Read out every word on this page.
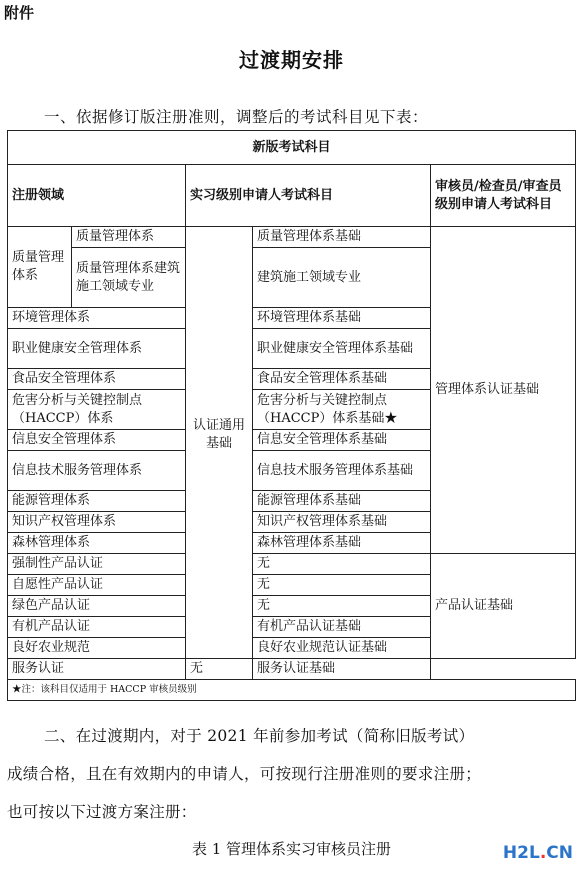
附件
过渡期安排
一、依据修订版注册准则，调整后的考试科目见下表：
新版考试科目				
注册领域		实习级别申请人考试科目		审核员/检查员/审查员级别申请人考试科目
质量管理体系	质量管理体系	认证通用基础	质量管理体系基础	管理体系认证基础
	质量管理体系建筑施工领域专业		建筑施工领域专业	
环境管理体系			环境管理体系基础	
职业健康安全管理体系			职业健康安全管理体系基础	
食品安全管理体系			食品安全管理体系基础	
危害分析与关键控制点（HACCP）体系			危害分析与关键控制点（HACCP）体系基础★	
信息安全管理体系			信息安全管理体系基础	
信息技术服务管理体系			信息技术服务管理体系基础	
能源管理体系			能源管理体系基础	
知识产权管理体系			知识产权管理体系基础	
森林管理体系			森林管理体系基础	
强制性产品认证			无	产品认证基础
自愿性产品认证			无	
绿色产品认证			无	
有机产品认证			有机产品认证基础	
良好农业规范			良好农业规范认证基础	
服务认证		无	服务认证基础	
★注：该科目仅适用于 HACCP 审核员级别				
二、在过渡期内，对于 2021 年前参加考试（简称旧版考试）
成绩合格，且在有效期内的申请人，可按现行注册准则的要求注册；
也可按以下过渡方案注册：
表 1 管理体系实习审核员注册	H2L.CN
